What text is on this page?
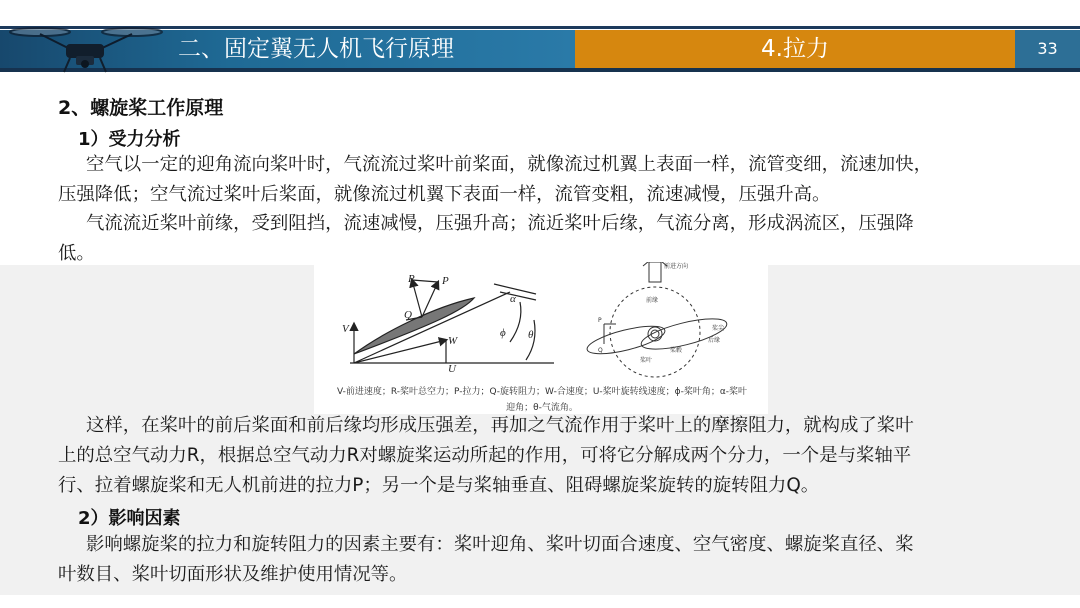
二、固定翼无人机飞行原理	4.拉力	33
2、螺旋桨工作原理
1）受力分析

空气以一定的迎角流向桨叶时，气流流过桨叶前桨面，就像流过机翼上表面一样，流管变细，流速加快，

压强降低；空气流过桨叶后桨面，就像流过机翼下表面一样，流管变粗，流速减慢，压强升高。

气流流近桨叶前缘，受到阻挡，流速减慢，压强升高；流近桨叶后缘，气流分离，形成涡流区，压强降

低。

R P
Q
V
W
U
α
ϕ θ
前进方向
前缘
后缘
桨尖
桨毂
桨叶
P
Q

V-前进速度；R-桨叶总空力；P-拉力；Q-旋转阻力；W-合速度；U-桨叶旋转线速度；ϕ-桨叶角；α-桨叶

迎角；θ-气流角。

这样，在桨叶的前后桨面和前后缘均形成压强差，再加之气流作用于桨叶上的摩擦阻力，就构成了桨叶

上的总空气动力R，根据总空气动力R对螺旋桨运动所起的作用，可将它分解成两个分力，一个是与桨轴平

行、拉着螺旋桨和无人机前进的拉力P；另一个是与桨轴垂直、阻碍螺旋桨旋转的旋转阻力Q。

2）影响因素

影响螺旋桨的拉力和旋转阻力的因素主要有：桨叶迎角、桨叶切面合速度、空气密度、螺旋桨直径、桨

叶数目、桨叶切面形状及维护使用情况等。
